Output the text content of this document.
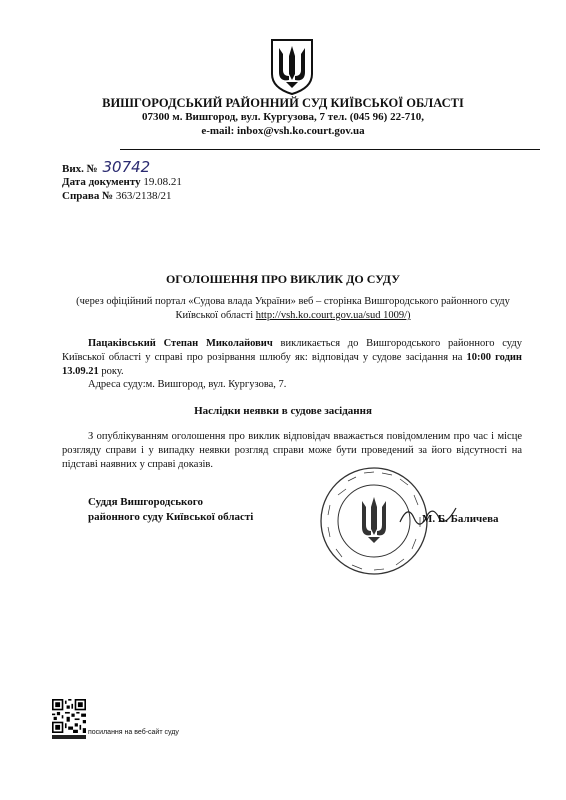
ВИШГОРОДСЬКИЙ РАЙОННИЙ СУД КИЇВСЬКОЇ ОБЛАСТІ
07300 м. Вишгород, вул. Кургузова, 7 тел. (045 96) 22-710,
e-mail: inbox@vsh.ko.court.gov.ua
Вих. № 30742
Дата документу 19.08.21
Справа № 363/2138/21
ОГОЛОШЕННЯ ПРО ВИКЛИК ДО СУДУ
(через офіційний портал «Судова влада України» веб – сторінка Вишгородського районного суду
Київської області http://vsh.ko.court.gov.ua/sud 1009/)
Пацаківський Степан Миколайович викликається до Вишгородського районного суду Київської області у справі про розірвання шлюбу як: відповідач у судове засідання на 10:00 годин 13.09.21 року.
Адреса суду:м. Вишгород, вул. Кургузова, 7.
Наслідки неявки в судове засідання
З опублікуванням оголошення про виклик відповідач вважається повідомленим про час і місце розгляду справи і у випадку неявки розгляд справи може бути проведений за його відсутності на підставі наявних у справі доказів.
Суддя Вишгородського
районного суду Київської області	М. Б. Баличева
посилання на веб-сайт суду
